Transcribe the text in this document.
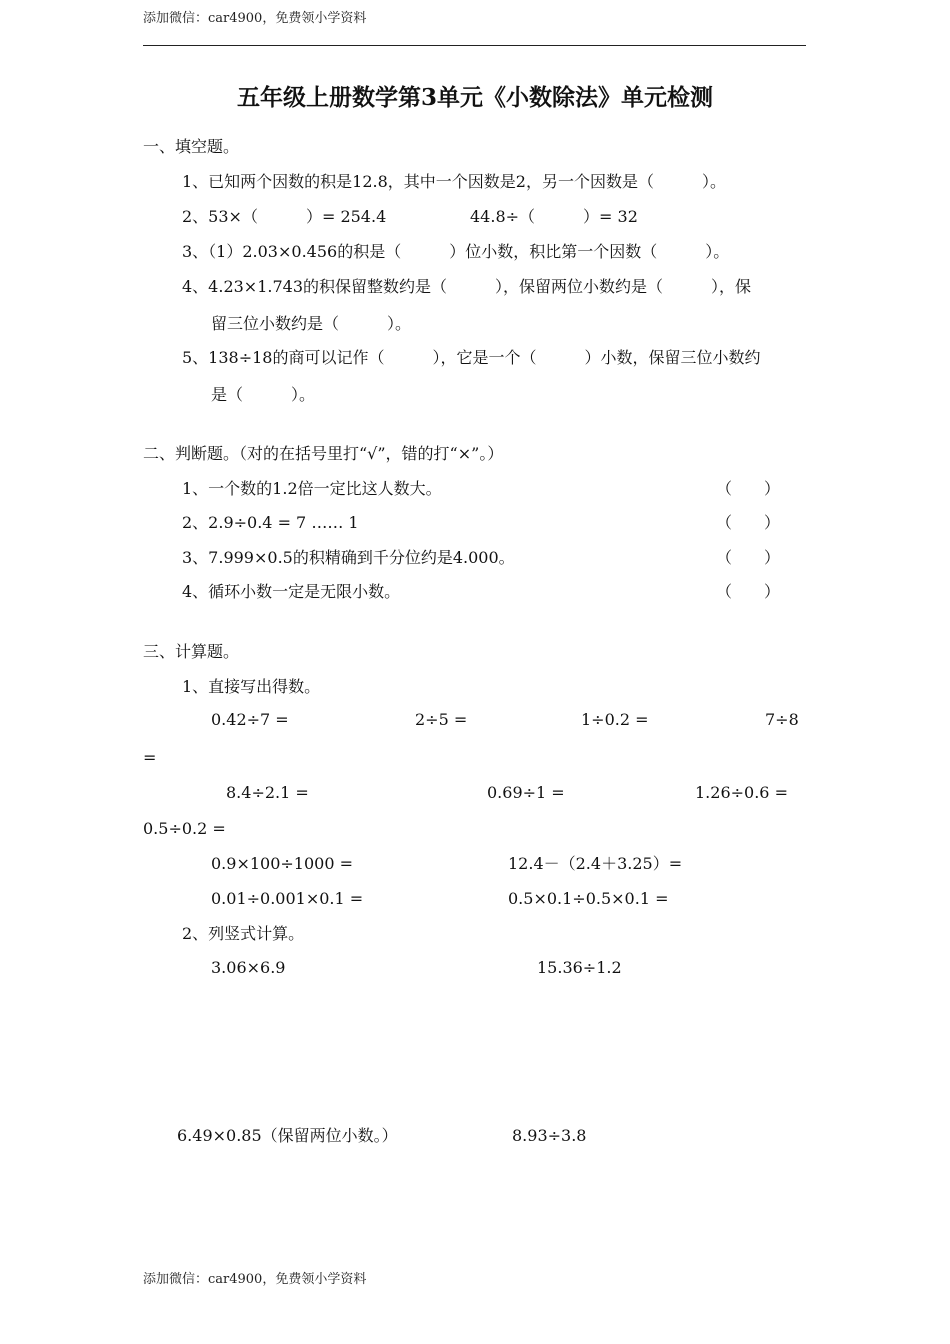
添加微信：car4900，免费领小学资料
五年级上册数学第3单元《小数除法》单元检测
一、填空题。
1、已知两个因数的积是12.8，其中一个因数是2，另一个因数是（　　　）。
2、53×（　　　）= 254.4	44.8÷（　　　）= 32
3、（1）2.03×0.456的积是（　　　）位小数，积比第一个因数（　　　）。
4、4.23×1.743的积保留整数约是（　　　），保留两位小数约是（　　　），保
留三位小数约是（　　　）。
5、138÷18的商可以记作（　　　），它是一个（　　　）小数，保留三位小数约
是（　　　）。
二、判断题。（对的在括号里打“√”，错的打“×”。）
1、一个数的1.2倍一定比这人数大。	（　　）
2、2.9÷0.4 = 7 …… 1	（　　）
3、7.999×0.5的积精确到千分位约是4.000。	（　　）
4、循环小数一定是无限小数。	（　　）
三、计算题。
1、直接写出得数。
0.42÷7 =	2÷5 =	1÷0.2 =	7÷8
=
8.4÷2.1 =	0.69÷1 =	1.26÷0.6 =
0.5÷0.2 =
0.9×100÷1000 =	12.4－（2.4＋3.25）=
0.01÷0.001×0.1 =	0.5×0.1÷0.5×0.1 =
2、列竖式计算。
3.06×6.9	15.36÷1.2
6.49×0.85（保留两位小数。）	8.93÷3.8
添加微信：car4900，免费领小学资料
